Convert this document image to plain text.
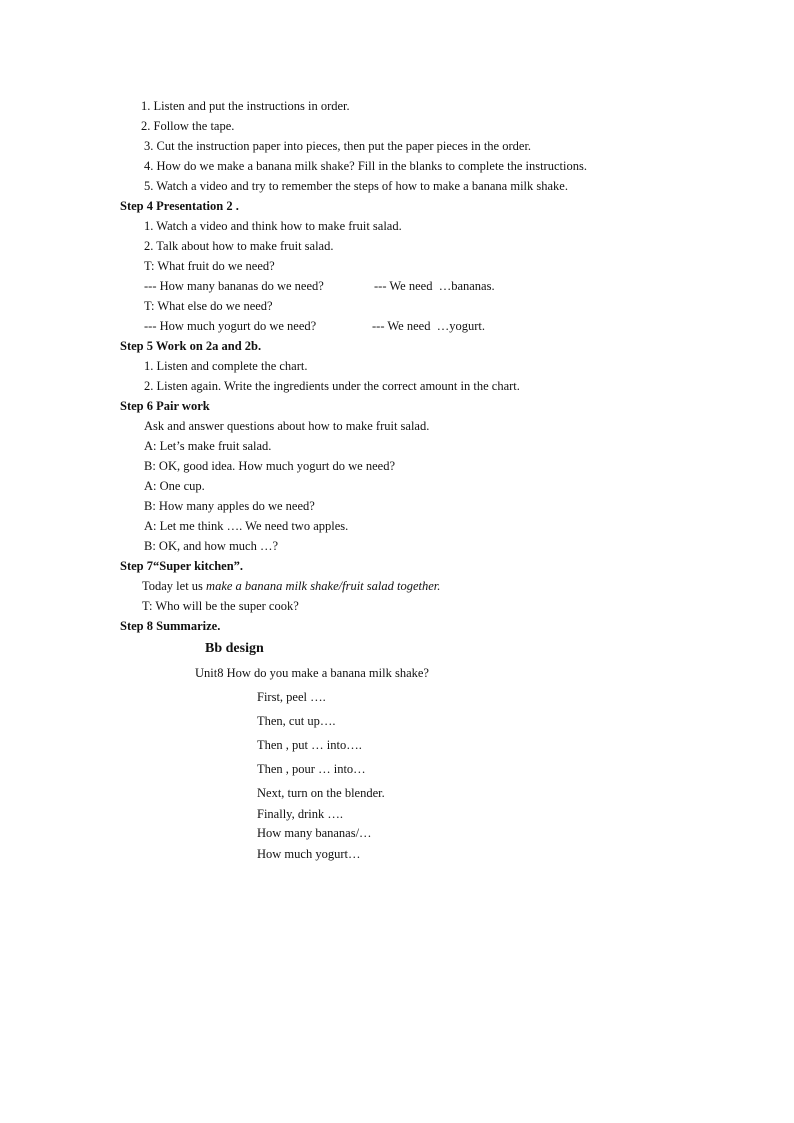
1. Listen and put the instructions in order.
2. Follow the tape.
3. Cut the instruction paper into pieces, then put the paper pieces in the order.
4. How do we make a banana milk shake? Fill in the blanks to complete the instructions.
5. Watch a video and try to remember the steps of how to make a banana milk shake.
Step 4 Presentation 2 .
1. Watch a video and think how to make fruit salad.
2. Talk about how to make fruit salad.
T: What fruit do we need?
--- How many bananas do we need?	--- We need  …bananas.
T: What else do we need?
--- How much yogurt do we need?	--- We need  …yogurt.
Step 5 Work on 2a and 2b.
1. Listen and complete the chart.
2. Listen again. Write the ingredients under the correct amount in the chart.
Step 6 Pair work
Ask and answer questions about how to make fruit salad.
A: Let’s make fruit salad.
B: OK, good idea. How much yogurt do we need?
A: One cup.
B: How many apples do we need?
A: Let me think …. We need two apples.
B: OK, and how much …?
Step 7“Super kitchen”.
Today let us make a banana milk shake/fruit salad together.
T: Who will be the super cook?
Step 8 Summarize.
Bb design
Unit8 How do you make a banana milk shake?
First, peel ….
Then, cut up….
Then , put … into….
Then , pour … into…
Next, turn on the blender.
Finally, drink ….
How many bananas/…
How much yogurt…
